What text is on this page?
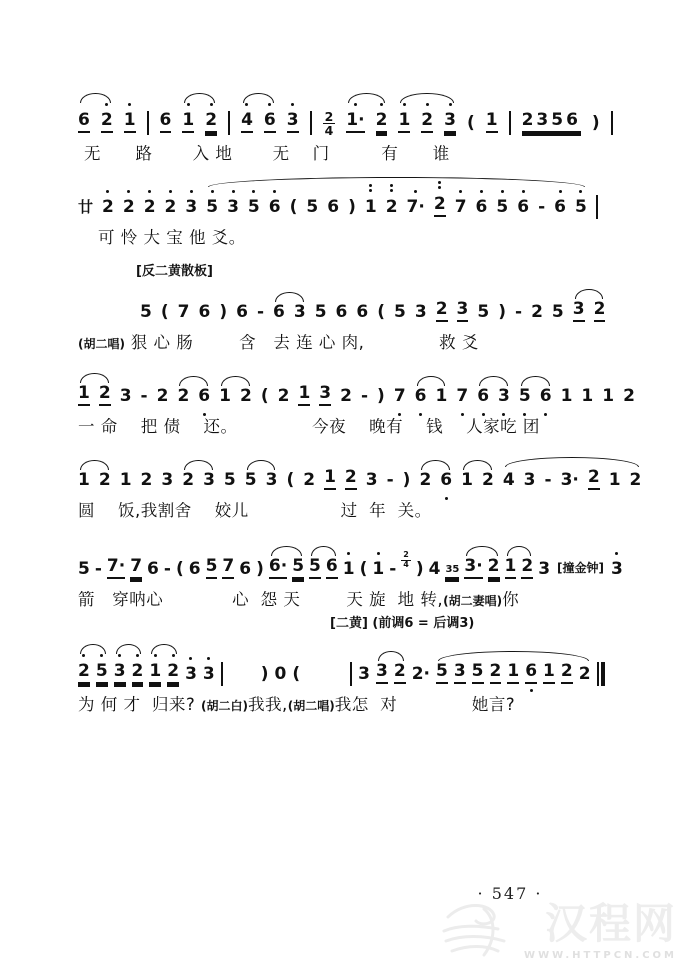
6 2 1 6 1 2 4 6 $3 \frac{2}{4} 1\cdot 2$ 1 2 3 ( 1 2356 )
无      路       入 地       无    门         有      谁
廿 2 2 2 2 3 5 3 5 6 ( 5 6 ) 1 2 7· 2 7 6 5 6 - 6 5
可 怜 大 宝 他 爻。
[反二黄散板]
5 ( 7 6 ) 6 - 6 3 5 6 6 ( 5 3 2 3 5 ) - 2 5 3 2
(胡二唱) 狠 心 肠        含   去 连 心 肉,             救 爻
1 2 3 - 2 2 6 1 2 ( 2 1 3 2 - ) 7 6 1 7 6 3 5 6 1 1 1 2
一 命    把 债    还。             今夜    晚有    钱    人家吃 团
1 2 1 2 3 2 3 5 5 3 ( 2 1 2 3 - ) 2 6 1 2 4 3 - 3· 2 1 2
圆    饭,我割舍    姣儿                过  年  关。
5 - 7· 7 6 - ( 6 5 7 6 ) 6· 5 5 6 1 ( $1 - \frac{2}{4}$ ) 4 35 3· 2 1 2 3 [撞金钟] 3
箭   穿呐心            心  怨 天        天 旋  地 转,(胡二妻唱)你
[二黄] (前调6 = 后调3)
2 5 3 2 1 2 3 3	) 0 (	3 3 2 2· 5 3 5 2 1 6 1 2 2
为 何 才  归来? (胡二白)我我,(胡二唱)我怎  对             她言?
· 547 ·
汉程网
WWW.HTTPCN.COM
